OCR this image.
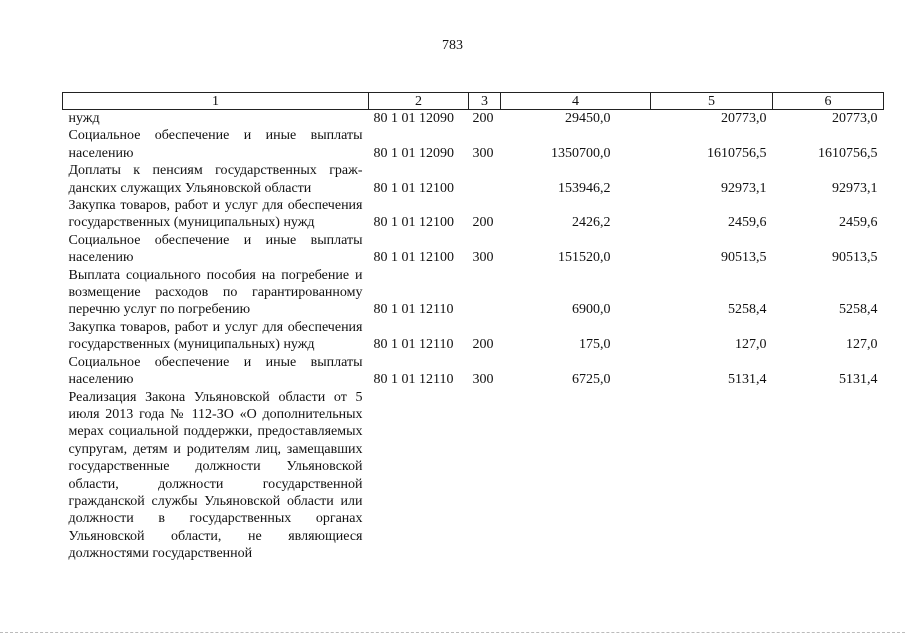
783
1	2	3	4	5	6
нужд	80 1 01 12090	200	29450,0	20773,0	20773,0
Социальное обеспечение и иные выплаты населению	80 1 01 12090	300	1350700,0	1610756,5	1610756,5
Доплаты к пенсиям государственных гражданских служащих Ульяновской области	80 1 01 12100		153946,2	92973,1	92973,1
Закупка товаров, работ и услуг для обеспечения государственных (муниципальных) нужд	80 1 01 12100	200	2426,2	2459,6	2459,6
Социальное обеспечение и иные выплаты населению	80 1 01 12100	300	151520,0	90513,5	90513,5
Выплата социального пособия на погребение и возмещение расходов по гарантированному перечню услуг по погребению	80 1 01 12110		6900,0	5258,4	5258,4
Закупка товаров, работ и услуг для обеспечения государственных (муниципальных) нужд	80 1 01 12110	200	175,0	127,0	127,0
Социальное обеспечение и иные выплаты населению	80 1 01 12110	300	6725,0	5131,4	5131,4
Реализация Закона Ульяновской области от 5 июля 2013 года № 112-ЗО «О дополнительных мерах социальной поддержки, предоставляемых супругам, детям и родителям лиц, замещавших государственные должности Ульяновской области, должности государственной гражданской службы Ульяновской области или должности в государственных органах Ульяновской области, не являющиеся должностями государственной					
